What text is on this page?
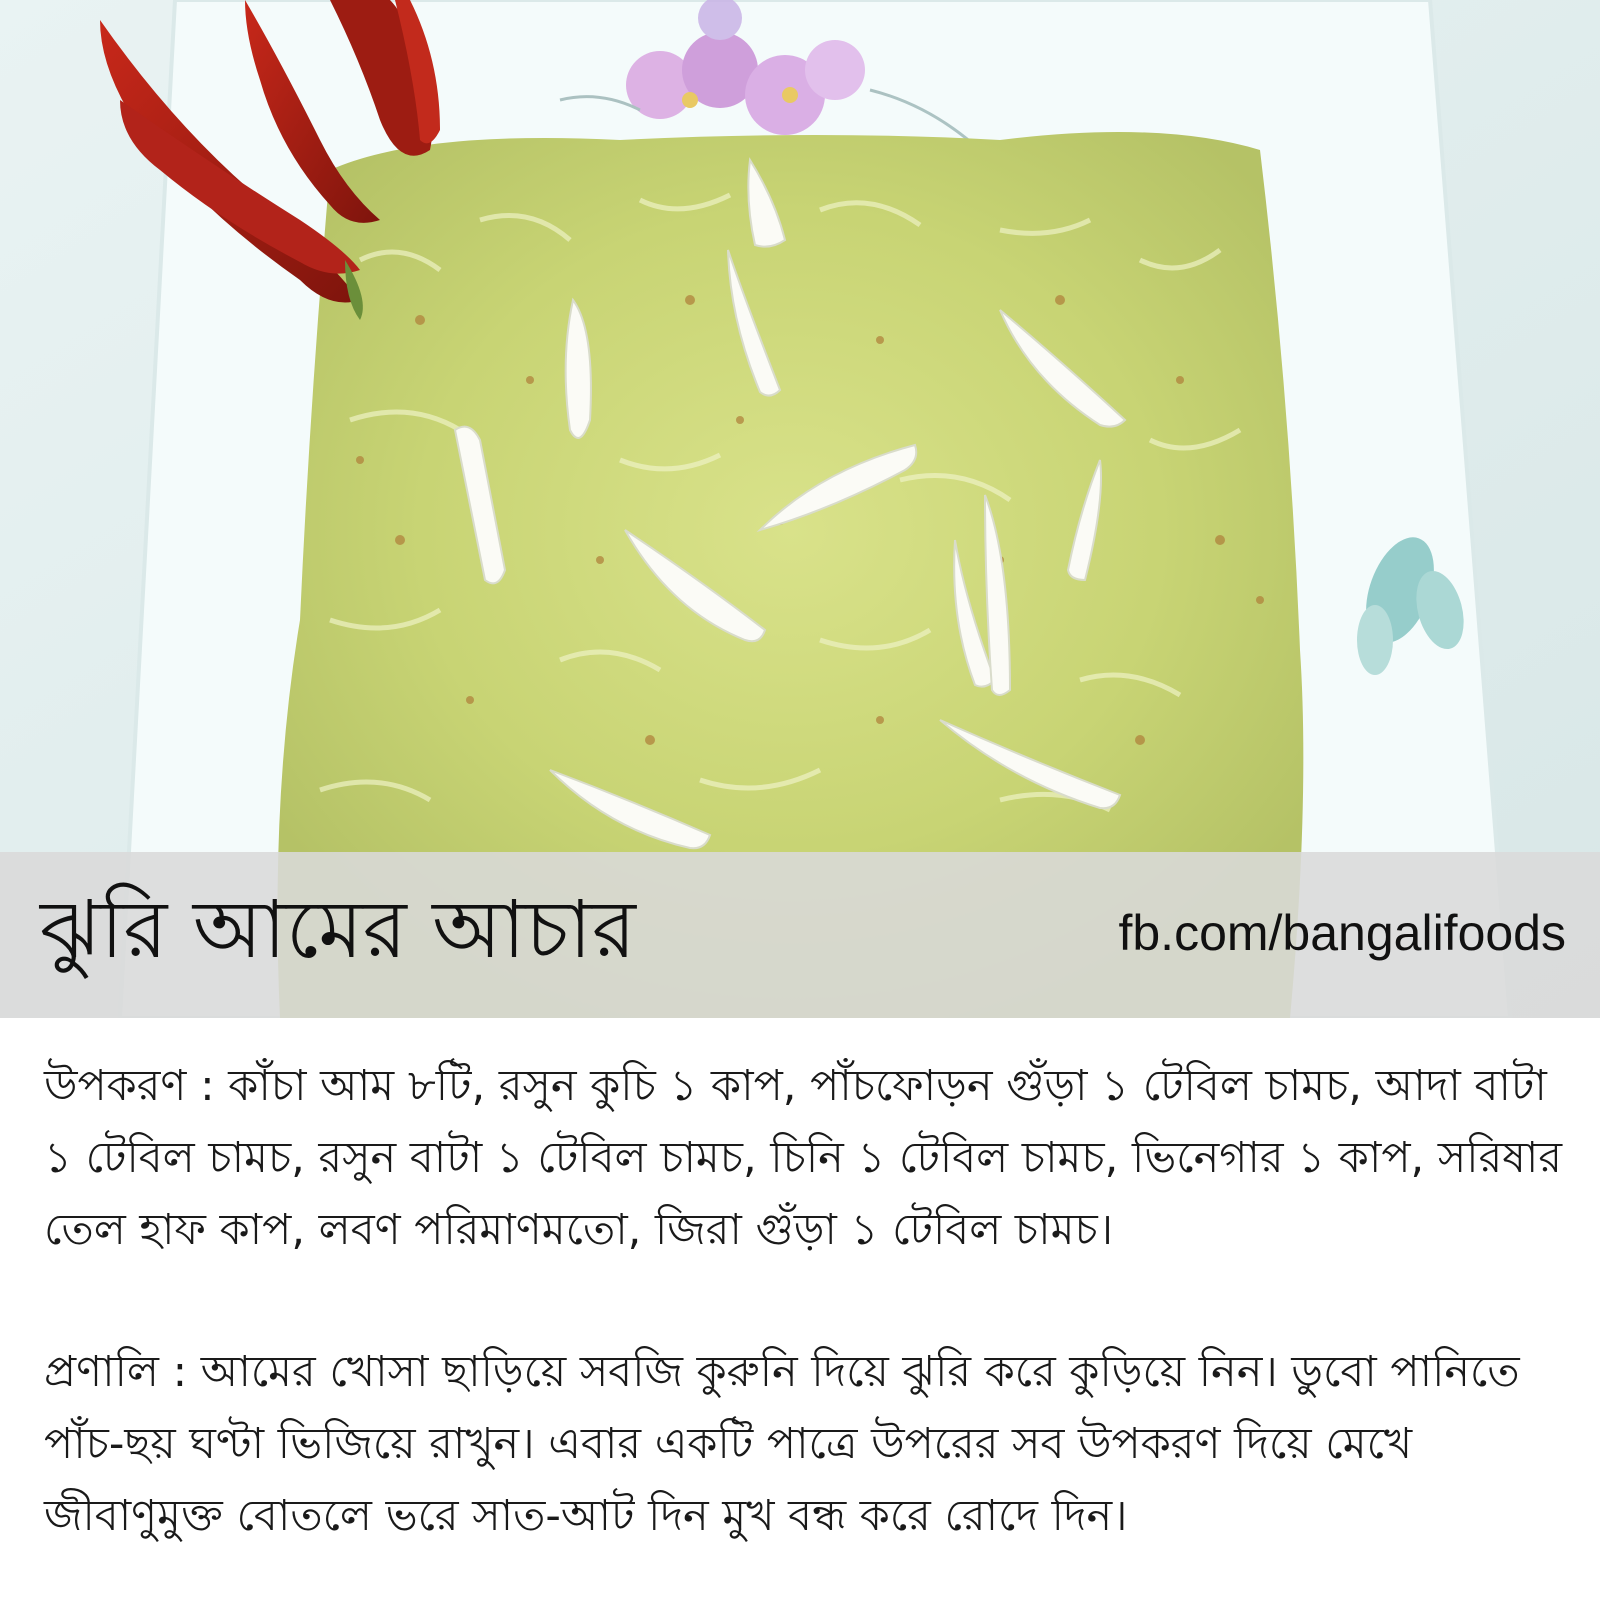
ঝুরি আমের আচার	fb.com/bangalifoods

উপকরণ : কাঁচা আম ৮টি, রসুন কুচি ১ কাপ, পাঁচফোড়ন গুঁড়া ১ টেবিল চামচ, আদা বাটা ১ টেবিল চামচ, রসুন বাটা ১ টেবিল চামচ, চিনি ১ টেবিল চামচ, ভিনেগার ১ কাপ, সরিষার তেল হাফ কাপ, লবণ পরিমাণমতো, জিরা গুঁড়া ১ টেবিল চামচ।

প্রণালি : আমের খোসা ছাড়িয়ে সবজি কুরুনি দিয়ে ঝুরি করে কুড়িয়ে নিন। ডুবো পানিতে পাঁচ-ছয় ঘণ্টা ভিজিয়ে রাখুন। এবার একটি পাত্রে উপরের সব উপকরণ দিয়ে মেখে জীবাণুমুক্ত বোতলে ভরে সাত-আট দিন মুখ বন্ধ করে রোদে দিন।
